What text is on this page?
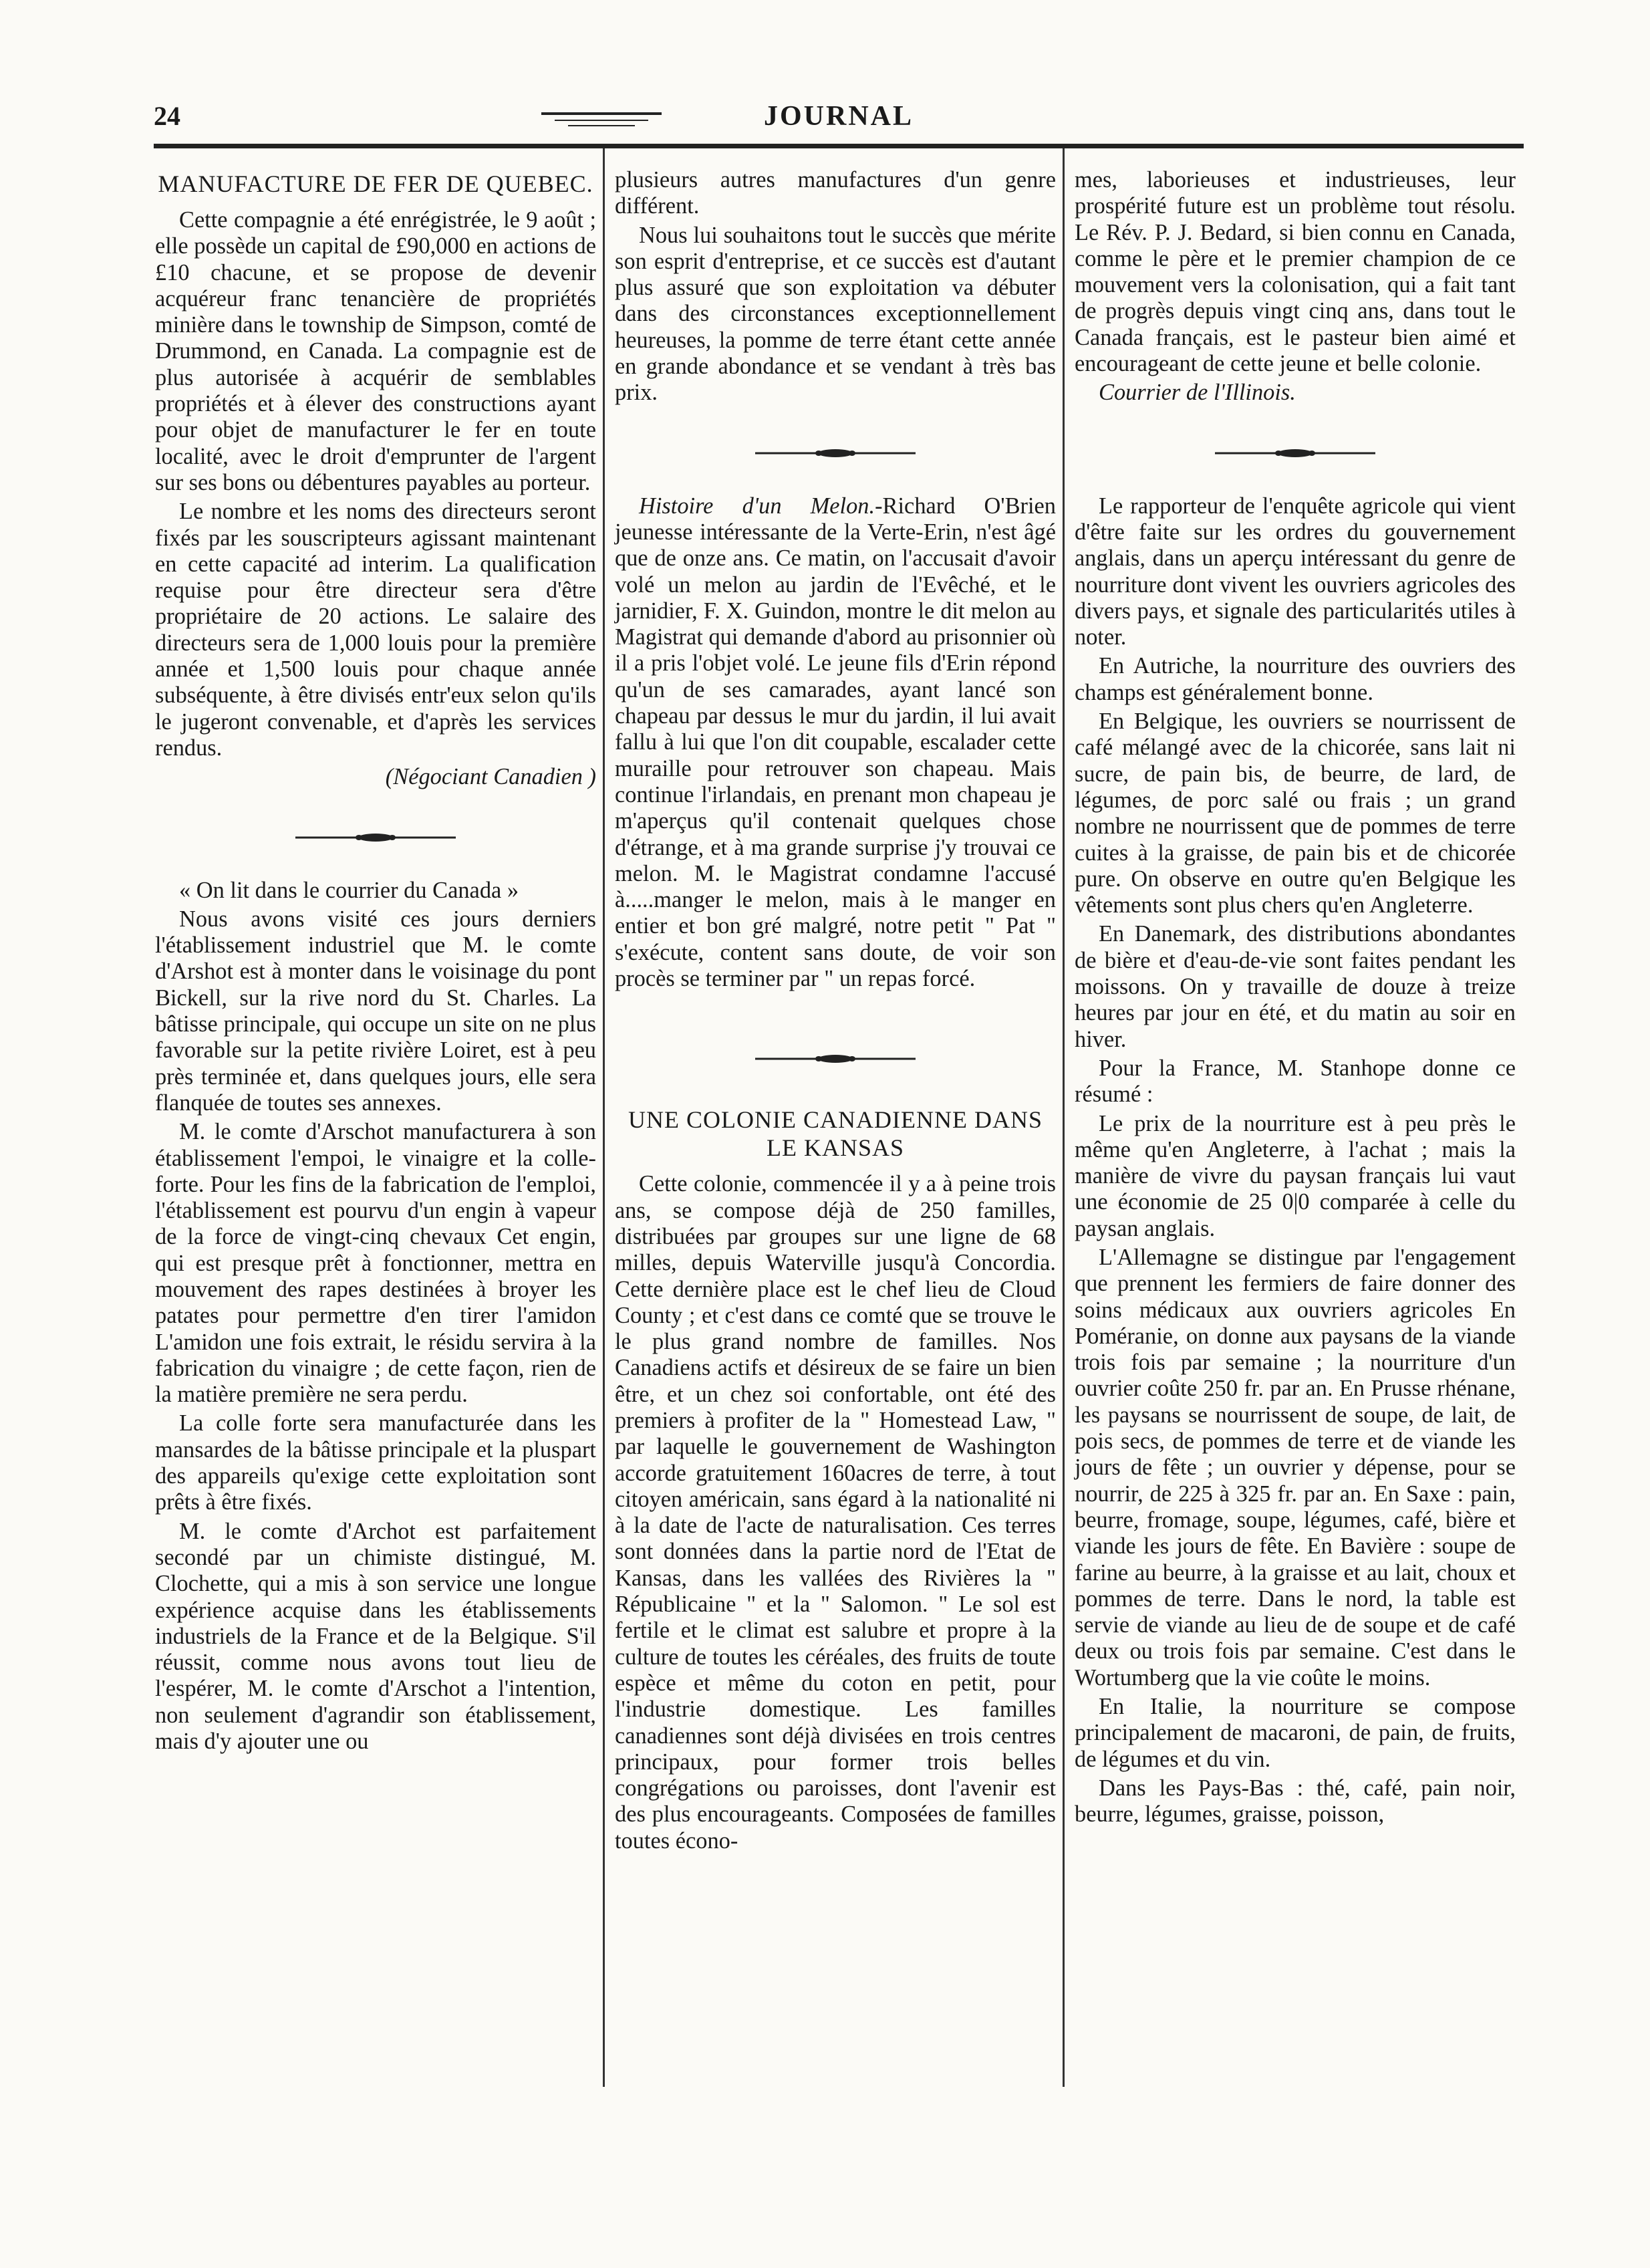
24	JOURNAL
MANUFACTURE DE FER DE QUEBEC.

Cette compagnie a été enrégistrée, le 9 août ; elle possède un capital de £90,000 en actions de £10 chacune, et se propose de devenir acquéreur franc tenancière de propriétés minière dans le township de Simpson, comté de Drummond, en Canada. La compagnie est de plus autorisée à acquérir de semblables propriétés et à élever des constructions ayant pour objet de manufacturer le fer en toute localité, avec le droit d'emprunter de l'argent sur ses bons ou débentures payables au porteur.

Le nombre et les noms des directeurs seront fixés par les souscripteurs agissant maintenant en cette capacité ad interim. La qualification requise pour être directeur sera d'être propriétaire de 20 actions. Le salaire des directeurs sera de 1,000 louis pour la première année et 1,500 louis pour chaque année subséquente, à être divisés entr'eux selon qu'ils le jugeront convenable, et d'après les services rendus.

(Négociant Canadien )

« On lit dans le courrier du Canada »

Nous avons visité ces jours derniers l'établissement industriel que M. le comte d'Arshot est à monter dans le voisinage du pont Bickell, sur la rive nord du St. Charles. La bâtisse principale, qui occupe un site on ne plus favorable sur la petite rivière Loiret, est à peu près terminée et, dans quelques jours, elle sera flanquée de toutes ses annexes.

M. le comte d'Arschot manufacturera à son établissement l'empoi, le vinaigre et la colle-forte. Pour les fins de la fabrication de l'emploi, l'établissement est pourvu d'un engin à vapeur de la force de vingt-cinq chevaux Cet engin, qui est presque prêt à fonctionner, mettra en mouvement des rapes destinées à broyer les patates pour permettre d'en tirer l'amidon L'amidon une fois extrait, le résidu servira à la fabrication du vinaigre ; de cette façon, rien de la matière première ne sera perdu.

La colle forte sera manufacturée dans les mansardes de la bâtisse principale et la pluspart des appareils qu'exige cette exploitation sont prêts à être fixés.

M. le comte d'Archot est parfaitement secondé par un chimiste distingué, M. Clochette, qui a mis à son service une longue expérience acquise dans les établissements industriels de la France et de la Belgique. S'il réussit, comme nous avons tout lieu de l'espérer, M. le comte d'Arschot a l'intention, non seulement d'agrandir son établissement, mais d'y ajouter une ou

plusieurs autres manufactures d'un genre différent.

Nous lui souhaitons tout le succès que mérite son esprit d'entreprise, et ce succès est d'autant plus assuré que son exploitation va débuter dans des circonstances exceptionnellement heureuses, la pomme de terre étant cette année en grande abondance et se vendant à très bas prix.

Histoire d'un Melon.-Richard O'Brien jeunesse intéressante de la Verte-Erin, n'est âgé que de onze ans. Ce matin, on l'accusait d'avoir volé un melon au jardin de l'Evêché, et le jarnidier, F. X. Guindon, montre le dit melon au Magistrat qui demande d'abord au prisonnier où il a pris l'objet volé. Le jeune fils d'Erin répond qu'un de ses camarades, ayant lancé son chapeau par dessus le mur du jardin, il lui avait fallu à lui que l'on dit coupable, escalader cette muraille pour retrouver son chapeau. Mais continue l'irlandais, en prenant mon chapeau je m'aperçus qu'il contenait quelques chose d'étrange, et à ma grande surprise j'y trouvai ce melon. M. le Magistrat condamne l'accusé à.....manger le melon, mais à le manger en entier et bon gré malgré, notre petit " Pat " s'exécute, content sans doute, de voir son procès se terminer par " un repas forcé.

UNE COLONIE CANADIENNE DANS LE KANSAS

Cette colonie, commencée il y a à peine trois ans, se compose déjà de 250 familles, distribuées par groupes sur une ligne de 68 milles, depuis Waterville jusqu'à Concordia. Cette dernière place est le chef lieu de Cloud County ; et c'est dans ce comté que se trouve le le plus grand nombre de familles. Nos Canadiens actifs et désireux de se faire un bien être, et un chez soi confortable, ont été des premiers à profiter de la " Homestead Law, " par laquelle le gouvernement de Washington accorde gratuitement 160acres de terre, à tout citoyen américain, sans égard à la nationalité ni à la date de l'acte de naturalisation. Ces terres sont données dans la partie nord de l'Etat de Kansas, dans les vallées des Rivières la " Républicaine " et la " Salomon. " Le sol est fertile et le climat est salubre et propre à la culture de toutes les céréales, des fruits de toute espèce et même du coton en petit, pour l'industrie domestique. Les familles canadiennes sont déjà divisées en trois centres principaux, pour former trois belles congrégations ou paroisses, dont l'avenir est des plus encourageants. Composées de familles toutes écono-

mes, laborieuses et industrieuses, leur prospérité future est un problème tout résolu. Le Rév. P. J. Bedard, si bien connu en Canada, comme le père et le premier champion de ce mouvement vers la colonisation, qui a fait tant de progrès depuis vingt cinq ans, dans tout le Canada français, est le pasteur bien aimé et encourageant de cette jeune et belle colonie.

Courrier de l'Illinois.

Le rapporteur de l'enquête agricole qui vient d'être faite sur les ordres du gouvernement anglais, dans un aperçu intéressant du genre de nourriture dont vivent les ouvriers agricoles des divers pays, et signale des particularités utiles à noter.

En Autriche, la nourriture des ouvriers des champs est généralement bonne.

En Belgique, les ouvriers se nourrissent de café mélangé avec de la chicorée, sans lait ni sucre, de pain bis, de beurre, de lard, de légumes, de porc salé ou frais ; un grand nombre ne nourrissent que de pommes de terre cuites à la graisse, de pain bis et de chicorée pure. On observe en outre qu'en Belgique les vêtements sont plus chers qu'en Angleterre.

En Danemark, des distributions abondantes de bière et d'eau-de-vie sont faites pendant les moissons. On y travaille de douze à treize heures par jour en été, et du matin au soir en hiver.

Pour la France, M. Stanhope donne ce résumé :

Le prix de la nourriture est à peu près le même qu'en Angleterre, à l'achat ; mais la manière de vivre du paysan français lui vaut une économie de 25 0|0 comparée à celle du paysan anglais.

L'Allemagne se distingue par l'engagement que prennent les fermiers de faire donner des soins médicaux aux ouvriers agricoles En Poméranie, on donne aux paysans de la viande trois fois par semaine ; la nourriture d'un ouvrier coûte 250 fr. par an. En Prusse rhénane, les paysans se nourrissent de soupe, de lait, de pois secs, de pommes de terre et de viande les jours de fête ; un ouvrier y dépense, pour se nourrir, de 225 à 325 fr. par an. En Saxe : pain, beurre, fromage, soupe, légumes, café, bière et viande les jours de fête. En Bavière : soupe de farine au beurre, à la graisse et au lait, choux et pommes de terre. Dans le nord, la table est servie de viande au lieu de de soupe et de café deux ou trois fois par semaine. C'est dans le Wortumberg que la vie coûte le moins.

En Italie, la nourriture se compose principalement de macaroni, de pain, de fruits, de légumes et du vin.

Dans les Pays-Bas : thé, café, pain noir, beurre, légumes, graisse, poisson,
